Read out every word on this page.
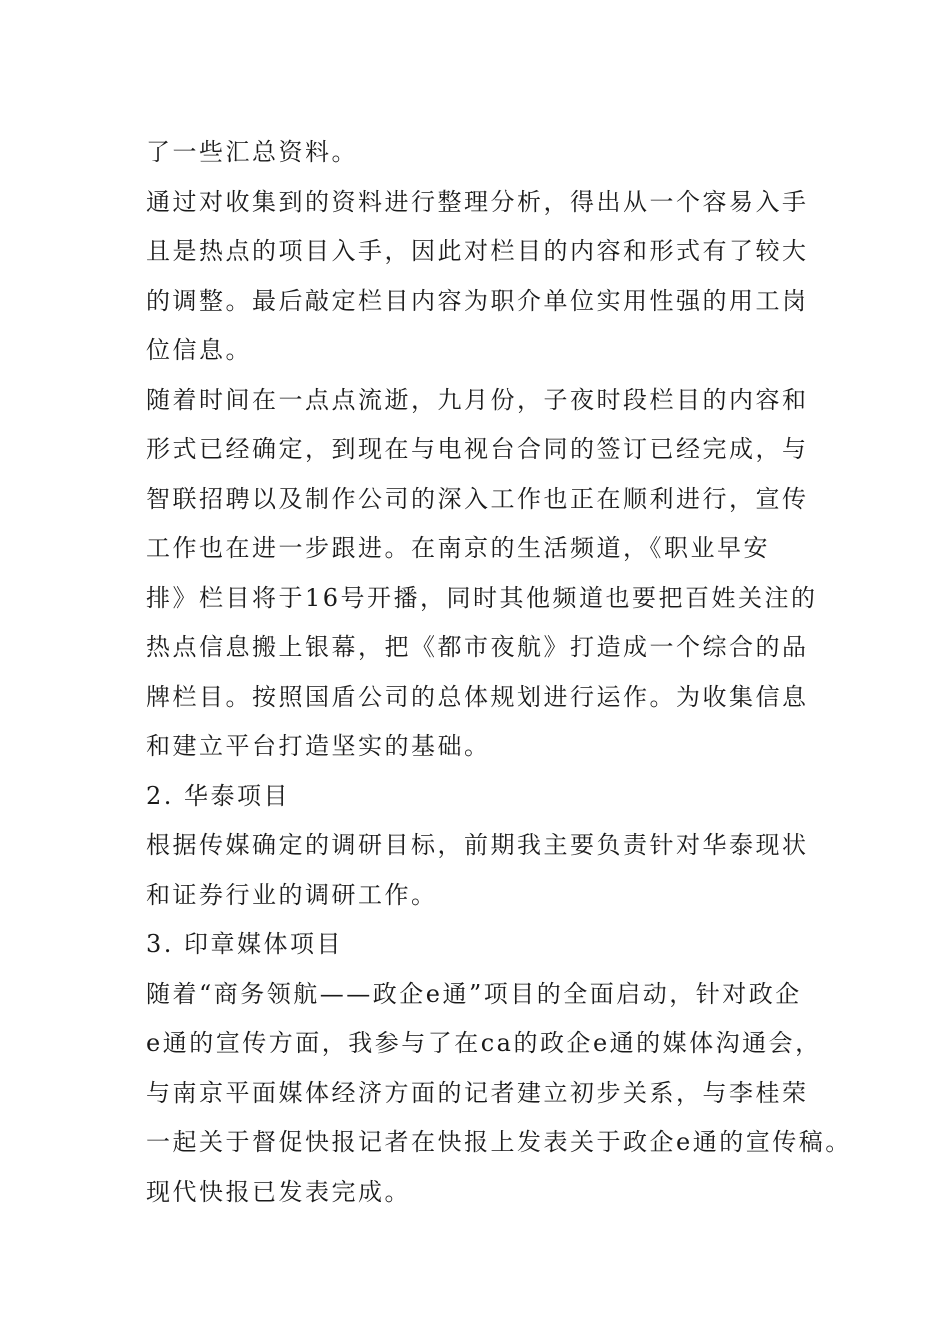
了一些汇总资料。
通过对收集到的资料进行整理分析，得出从一个容易入手
且是热点的项目入手，因此对栏目的内容和形式有了较大
的调整。最后敲定栏目内容为职介单位实用性强的用工岗
位信息。
随着时间在一点点流逝，九月份，子夜时段栏目的内容和
形式已经确定，到现在与电视台合同的签订已经完成，与
智联招聘以及制作公司的深入工作也正在顺利进行，宣传
工作也在进一步跟进。在南京的生活频道，《职业早安
排》栏目将于16号开播，同时其他频道也要把百姓关注的
热点信息搬上银幕，把《都市夜航》打造成一个综合的品
牌栏目。按照国盾公司的总体规划进行运作。为收集信息
和建立平台打造坚实的基础。
2. 华泰项目
根据传媒确定的调研目标，前期我主要负责针对华泰现状
和证券行业的调研工作。
3. 印章媒体项目
随着“商务领航——政企e通”项目的全面启动，针对政企
e通的宣传方面，我参与了在ca的政企e通的媒体沟通会，
与南京平面媒体经济方面的记者建立初步关系，与李桂荣
一起关于督促快报记者在快报上发表关于政企e通的宣传稿。
现代快报已发表完成。
